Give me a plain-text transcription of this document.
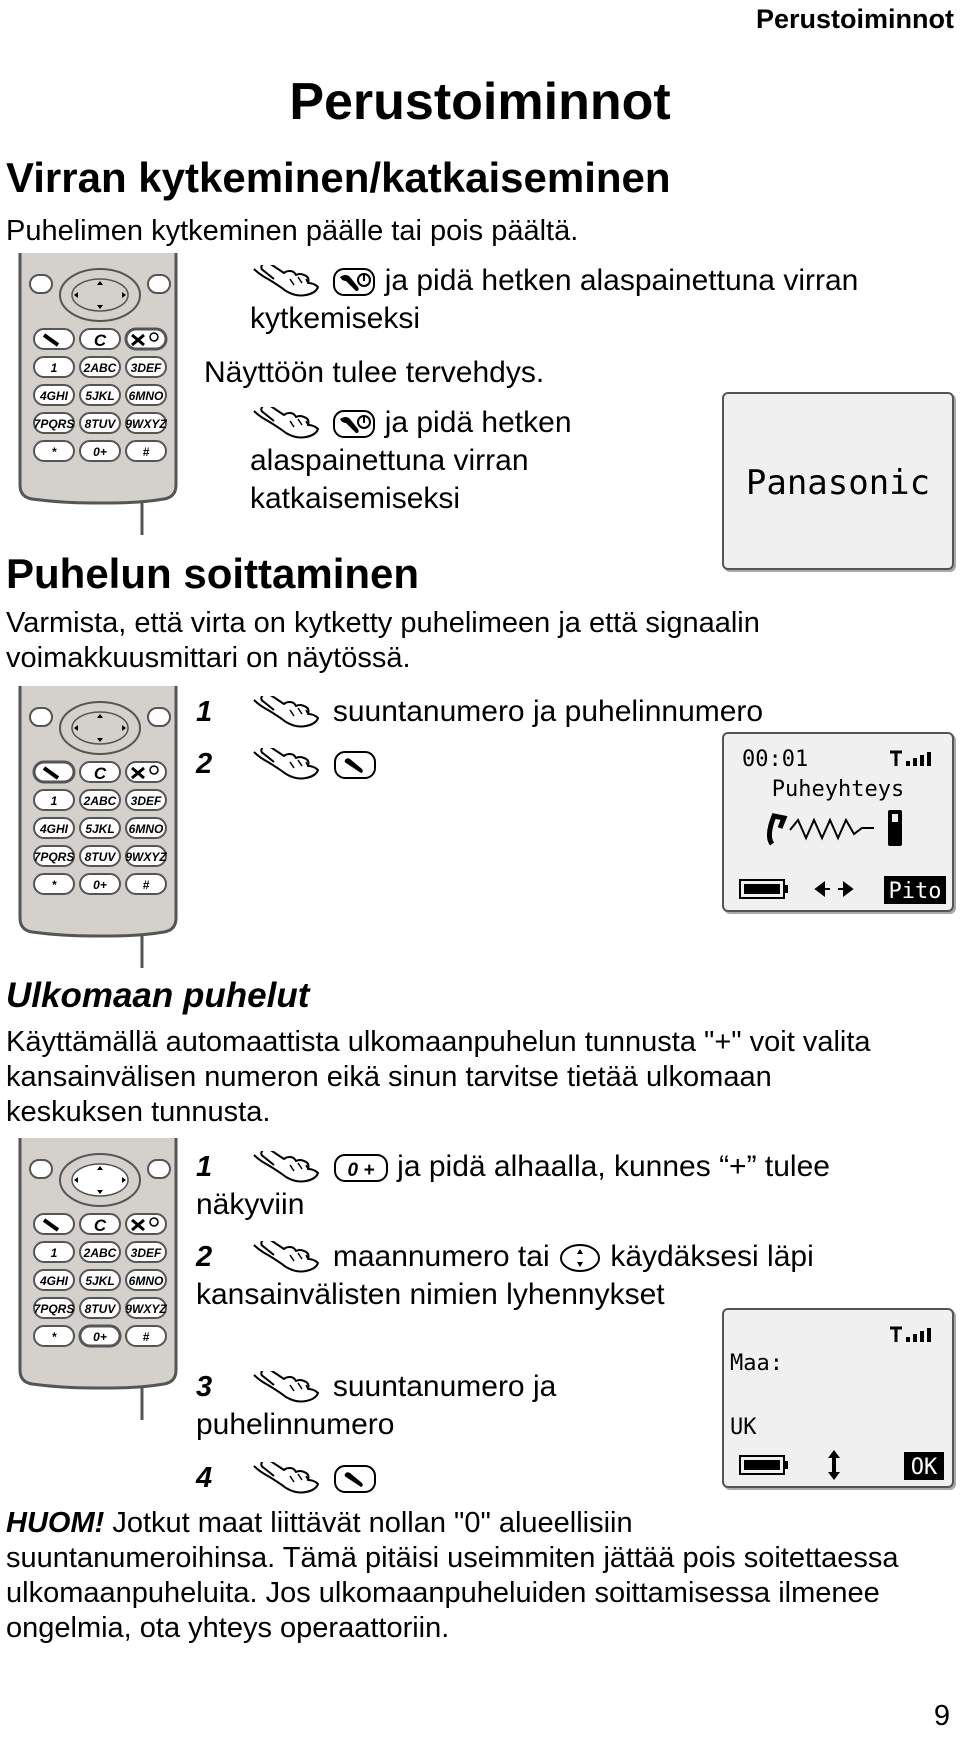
Perustoiminnot
Perustoiminnot
Virran kytkeminen/katkaiseminen
Puhelimen kytkeminen päälle tai pois päältä.
C
1 2ABC 3DEF
4GHI 5JKL 6MNO
7PQRS 8TUV 9WXYZ
*	0+	#
ja pidä hetken alaspainettuna virran kytkemiseksi
Näyttöön tulee tervehdys.
ja pidä hetken alaspainettuna virran katkaisemiseksi	Panasonic
Puhelun soittaminen
Varmista, että virta on kytketty puhelimeen ja että signaalin voimakkuusmittari on näytössä.
C
1 2ABC 3DEF
4GHI 5JKL 6MNO
7PQRS 8TUV 9WXYZ
*	0+	#
1	suuntanumero ja puhelinnumero
2	00:01
Puheyhteys
Pito
Ulkomaan puhelut
Käyttämällä automaattista ulkomaanpuhelun tunnusta "+" voit valita kansainvälisen numeron eikä sinun tarvitse tietää ulkomaan keskuksen tunnusta.
C
1 2ABC 3DEF
4GHI 5JKL 6MNO
7PQRS 8TUV 9WXYZ
*	0+	#
1	ja pidä alhaalla, kunnes “+” tulee näkyviin
2	maannumero tai käydäksesi läpi kansainvälisten nimien lyhennykset
3	suuntanumero ja puhelinnumero
4
Maa:
UK
OK
HUOM! Jotkut maat liittävät nollan "0" alueellisiin suuntanumeroihinsa. Tämä pitäisi useimmiten jättää pois soitettaessa ulkomaanpuheluita. Jos ulkomaanpuheluiden soittamisessa ilmenee ongelmia, ota yhteys operaattoriin.
9
